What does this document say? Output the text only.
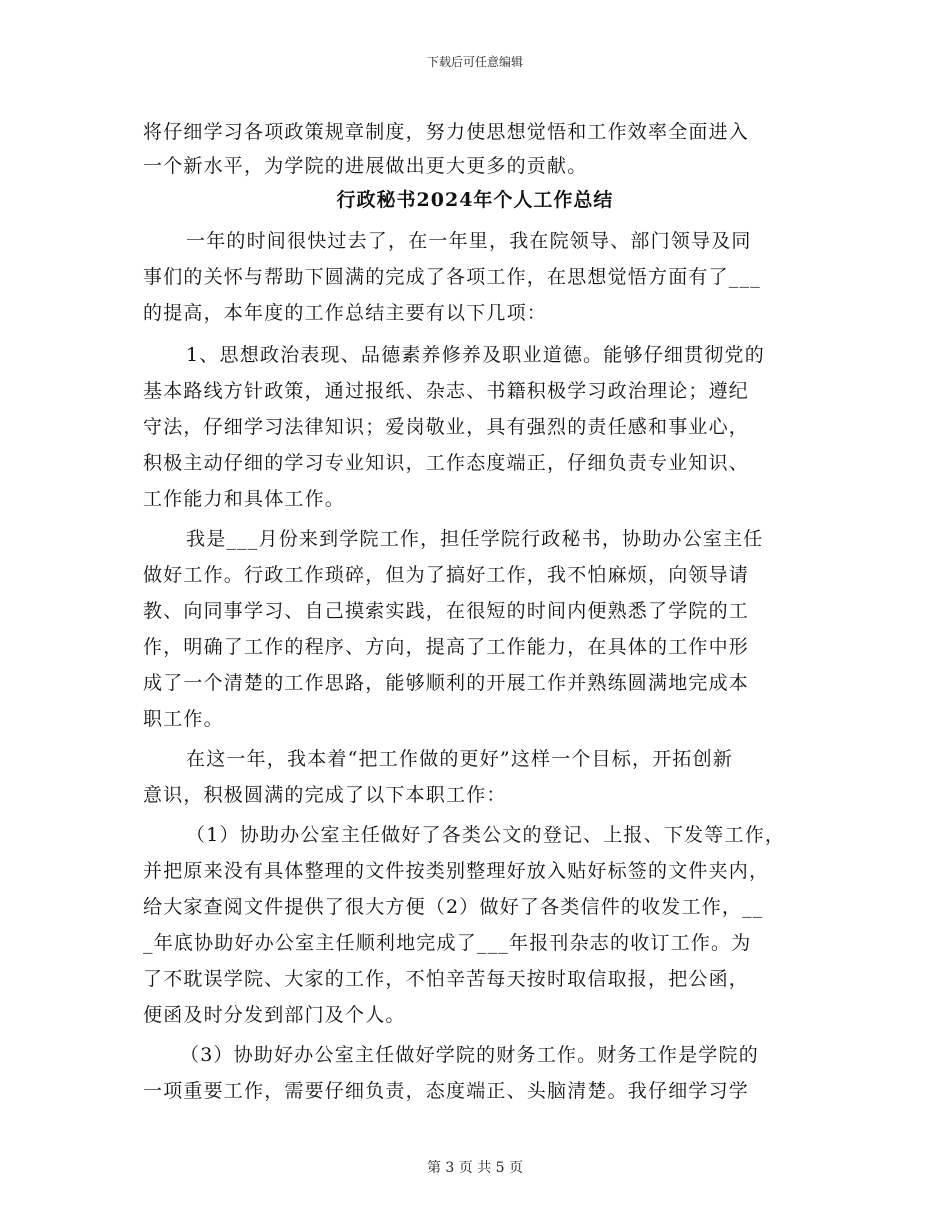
下载后可任意编辑
将仔细学习各项政策规章制度，努力使思想觉悟和工作效率全面进入
一个新水平，为学院的进展做出更大更多的贡献。
行政秘书2024年个人工作总结
一年的时间很快过去了，在一年里，我在院领导、部门领导及同
事们的关怀与帮助下圆满的完成了各项工作，在思想觉悟方面有了___
的提高，本年度的工作总结主要有以下几项：
1、思想政治表现、品德素养修养及职业道德。能够仔细贯彻党的
基本路线方针政策，通过报纸、杂志、书籍积极学习政治理论；遵纪
守法，仔细学习法律知识；爱岗敬业，具有强烈的责任感和事业心，
积极主动仔细的学习专业知识，工作态度端正，仔细负责专业知识、
工作能力和具体工作。
我是___月份来到学院工作，担任学院行政秘书，协助办公室主任
做好工作。行政工作琐碎，但为了搞好工作，我不怕麻烦，向领导请
教、向同事学习、自己摸索实践，在很短的时间内便熟悉了学院的工
作，明确了工作的程序、方向，提高了工作能力，在具体的工作中形
成了一个清楚的工作思路，能够顺利的开展工作并熟练圆满地完成本
职工作。
在这一年，我本着“把工作做的更好”这样一个目标，开拓创新
意识，积极圆满的完成了以下本职工作：
（1）协助办公室主任做好了各类公文的登记、上报、下发等工作，
并把原来没有具体整理的文件按类别整理好放入贴好标签的文件夹内，
给大家查阅文件提供了很大方便（2）做好了各类信件的收发工作，__
_年底协助好办公室主任顺利地完成了___年报刊杂志的收订工作。为
了不耽误学院、大家的工作，不怕辛苦每天按时取信取报，把公函，
便函及时分发到部门及个人。
（3）协助好办公室主任做好学院的财务工作。财务工作是学院的
一项重要工作，需要仔细负责，态度端正、头脑清楚。我仔细学习学
第 3 页 共 5 页
